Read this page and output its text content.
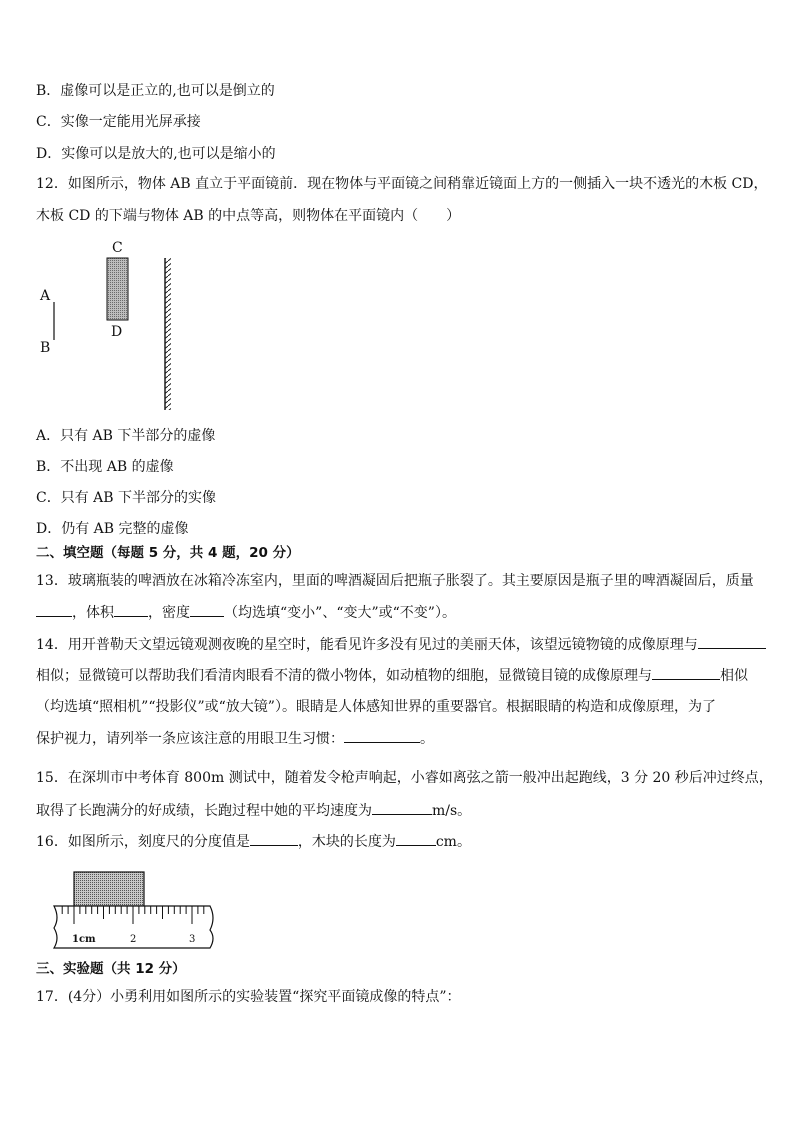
B．虚像可以是正立的,也可以是倒立的
C．实像一定能用光屏承接
D．实像可以是放大的,也可以是缩小的
12．如图所示，物体 AB 直立于平面镜前．现在物体与平面镜之间稍靠近镜面上方的一侧插入一块不透光的木板 CD，
木板 CD 的下端与物体 AB 的中点等高，则物体在平面镜内（　　）
A
B
C
D
A．只有 AB 下半部分的虚像
B．不出现 AB 的虚像
C．只有 AB 下半部分的实像
D．仍有 AB 完整的虚像
二、填空题（每题 5 分，共 4 题，20 分）
13．玻璃瓶装的啤酒放在冰箱冷冻室内，里面的啤酒凝固后把瓶子胀裂了。其主要原因是瓶子里的啤酒凝固后，质量
，体积 ，密度 （均选填“变小”、“变大”或“不变”）。
14．用开普勒天文望远镜观测夜晚的星空时，能看见许多没有见过的美丽天体，该望远镜物镜的成像原理与
相似；显微镜可以帮助我们看清肉眼看不清的微小物体，如动植物的细胞，显微镜目镜的成像原理与	相似
（均选填“照相机”“投影仪”或“放大镜”）。眼睛是人体感知世界的重要器官。根据眼睛的构造和成像原理，为了
保护视力，请列举一条应该注意的用眼卫生习惯：	。
15．在深圳市中考体育 800m 测试中，随着发令枪声响起，小睿如离弦之箭一般冲出起跑线，3 分 20 秒后冲过终点，
取得了长跑满分的好成绩，长跑过程中她的平均速度为	m/s。
16．如图所示，刻度尺的分度值是	，木块的长度为	cm。
1cm	2	3
三、实验题（共 12 分）
17．(4分）小勇利用如图所示的实验装置“探究平面镜成像的特点”：
